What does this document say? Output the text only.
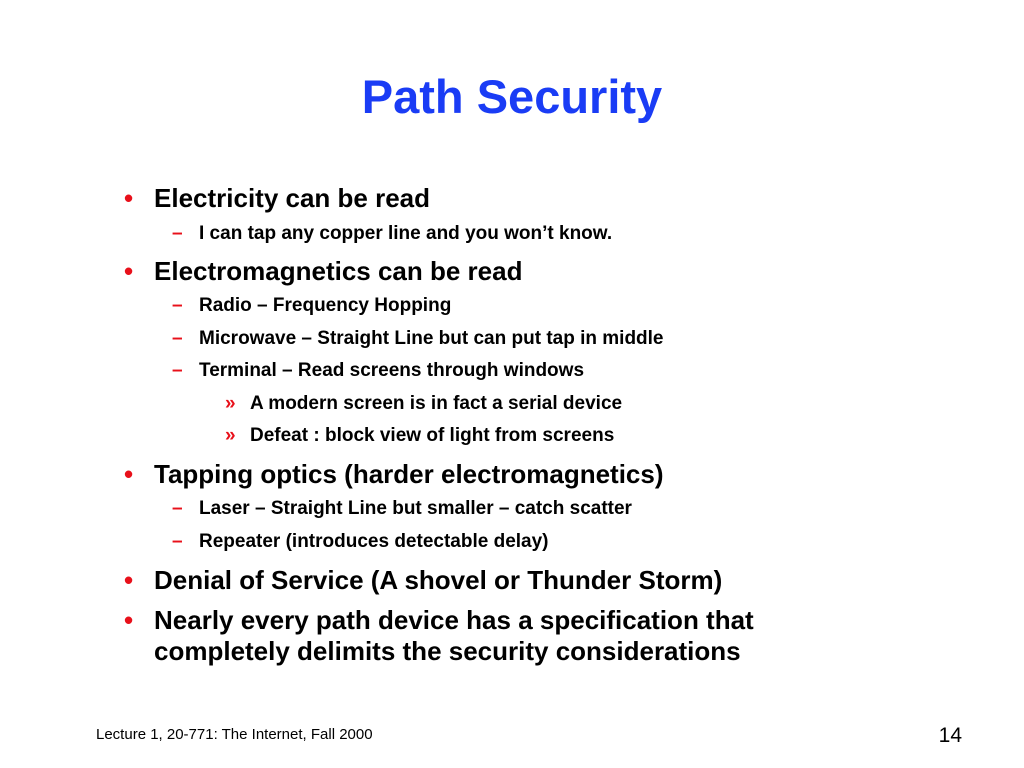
Path Security
• Electricity can be read
– I can tap any copper line and you won’t know.
• Electromagnetics can be read
– Radio – Frequency Hopping
– Microwave – Straight Line but can put tap in middle
– Terminal – Read screens through windows
» A modern screen is in fact a serial device
» Defeat : block view of light from screens
• Tapping optics (harder electromagnetics)
– Laser – Straight Line but smaller – catch scatter
– Repeater (introduces detectable delay)
• Denial of Service (A shovel or Thunder Storm)
• Nearly every path device has a specification that
completely delimits the security considerations
Lecture 1, 20-771: The Internet, Fall 2000	14
